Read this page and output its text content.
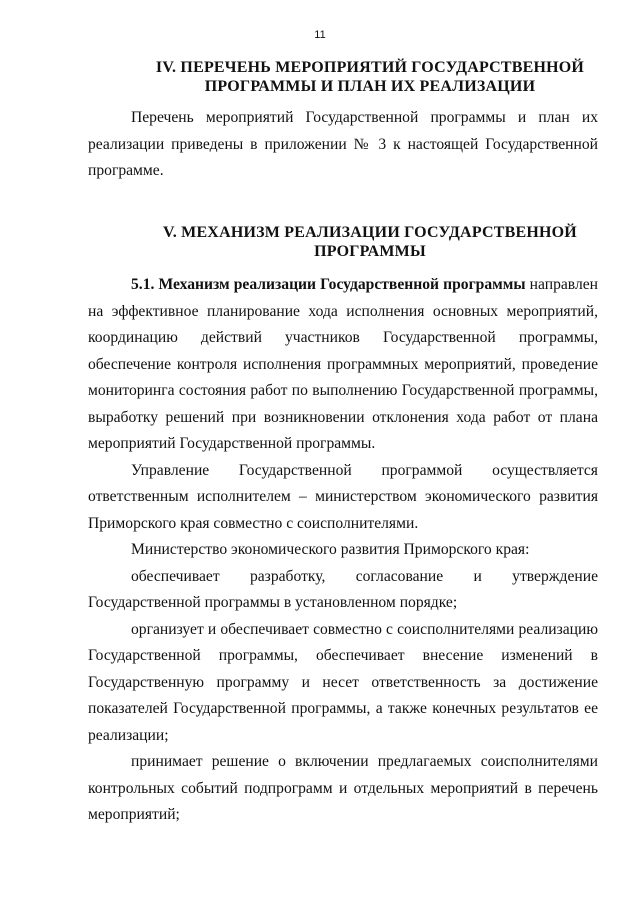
11
IV. ПЕРЕЧЕНЬ МЕРОПРИЯТИЙ ГОСУДАРСТВЕННОЙ ПРОГРАММЫ И ПЛАН ИХ РЕАЛИЗАЦИИ

Перечень мероприятий Государственной программы и план их реализации приведены в приложении № 3 к настоящей Государственной программе.

V. МЕХАНИЗМ РЕАЛИЗАЦИИ ГОСУДАРСТВЕННОЙ ПРОГРАММЫ

5.1. Механизм реализации Государственной программы направлен на эффективное планирование хода исполнения основных мероприятий, координацию действий участников Государственной программы, обеспечение контроля исполнения программных мероприятий, проведение мониторинга состояния работ по выполнению Государственной программы, выработку решений при возникновении отклонения хода работ от плана мероприятий Государственной программы.

Управление Государственной программой осуществляется ответственным исполнителем – министерством экономического развития Приморского края совместно с соисполнителями.

Министерство экономического развития Приморского края:

обеспечивает разработку, согласование и утверждение Государственной программы в установленном порядке;

организует и обеспечивает совместно с соисполнителями реализацию Государственной программы, обеспечивает внесение изменений в Государственную программу и несет ответственность за достижение показателей Государственной программы, а также конечных результатов ее реализации;

принимает решение о включении предлагаемых соисполнителями контрольных событий подпрограмм и отдельных мероприятий в перечень мероприятий;
